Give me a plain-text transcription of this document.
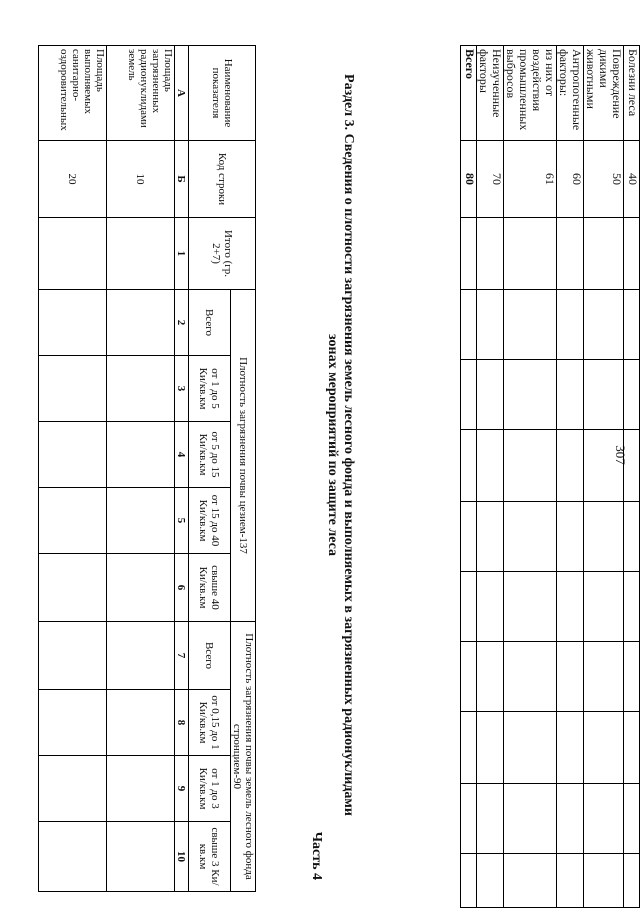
307
Болезни леса	40										
Повреждение дикими животными	50										
Антропогенные факторы:	60										
из них от воздействия промышленных выбросов	61										
Неизученные факторы	70										
Всего	80										
Раздел 3. Сведения о плотности загрязнения земель лесного фонда и выполняемых в загрязненных радионуклидами зонах мероприятий по защите леса
Часть 4
Наименование показателя	Код строки	Итого (гр. 2+7)	Плотность загрязнения почвы цезием-137					Плотность загрязнения почвы земель лесного фонда стронцием-90			
			Всего	от 1 до 5 Ки/кв.км	от 5 до 15 Ки/кв.км	от 15 до 40 Ки/кв.км	свыше 40 Ки/кв.км	Всего	от 0,15 до 1 Ки/кв.км	от 1 до 3 Ки/кв.км	свыше 3 Ки/кв.км
А	Б	1	2	3	4	5	6	7	8	9	10
Площадь загрязненных радионуклидами земель	10										
Площадь выполняемых санитарно-оздоровительных	20										
